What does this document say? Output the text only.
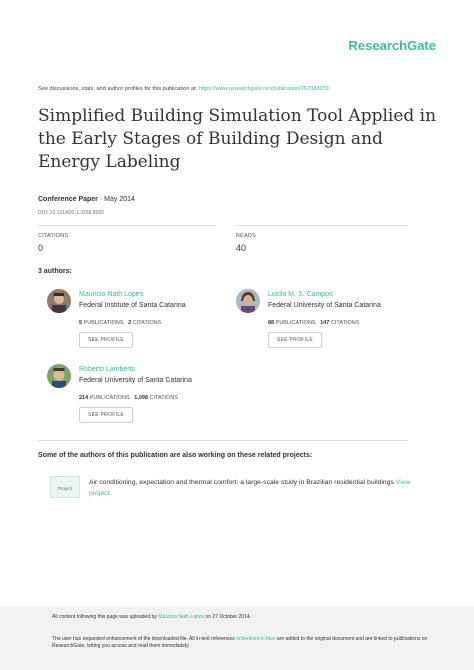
ResearchGate
See discussions, stats, and author profiles for this publication at: https://www.researchgate.net/publication/267383659
Simplified Building Simulation Tool Applied in the Early Stages of Building Design and Energy Labeling
Conference Paper · May 2014
DOI: 10.13140/2.1.3268.8682
CITATIONS
0
READS
40
3 authors:
Mauricio Nath Lopes
Federal Institute of Santa Catarina
5 PUBLICATIONS 2 CITATIONS
SEE PROFILE
Lucila M. S. Campos
Federal University of Santa Catarina
88 PUBLICATIONS 147 CITATIONS
SEE PROFILE
Roberto Lamberts
Federal University of Santa Catarina
214 PUBLICATIONS 1,098 CITATIONS
SEE PROFILE
Some of the authors of this publication are also working on these related projects:
Project
Air conditioning, expectation and thermal comfort: a large-scale study in Brazilian residential buildings View project
All content following this page was uploaded by Mauricio Nath Lopes on 27 October 2014.
The user has requested enhancement of the downloaded file. All in-text references underlined in blue are added to the original document and are linked to publications on ResearchGate, letting you access and read them immediately.
